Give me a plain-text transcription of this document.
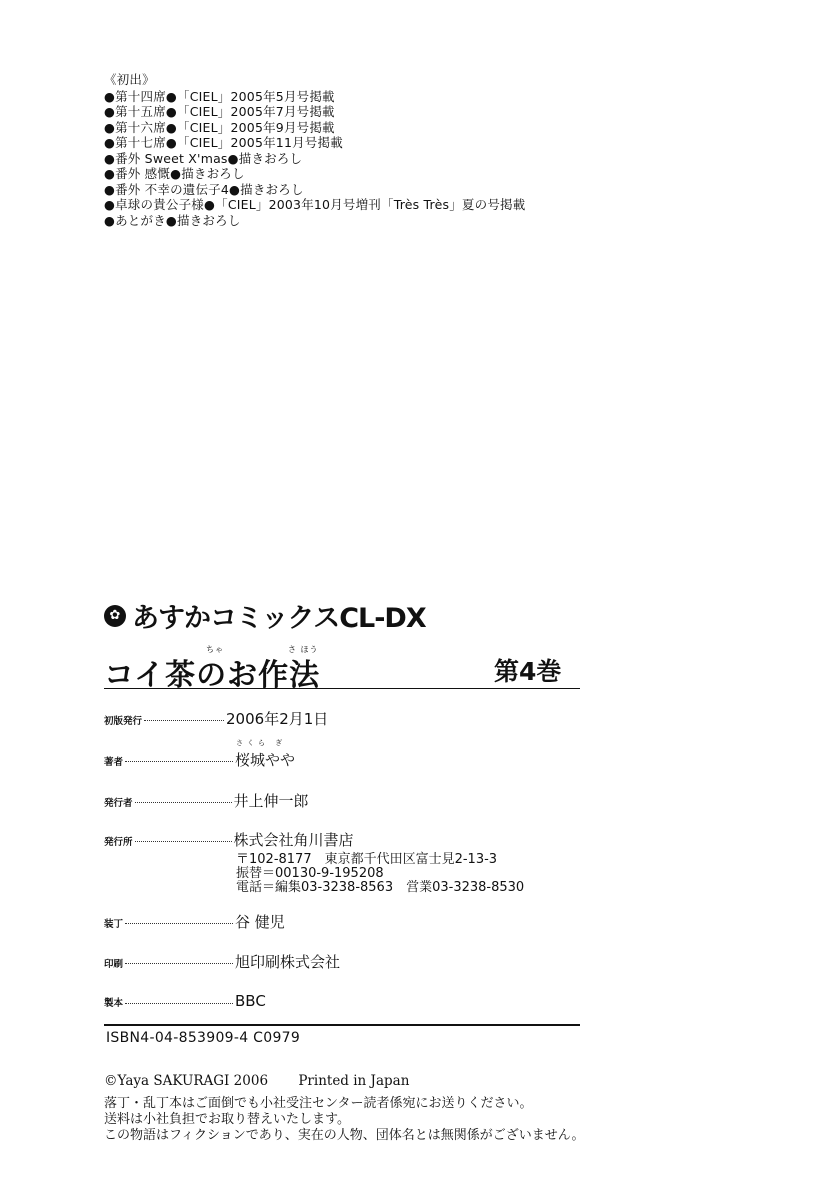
《初出》
●第十四席●「CIEL」2005年5月号掲載
●第十五席●「CIEL」2005年7月号掲載
●第十六席●「CIEL」2005年9月号掲載
●第十七席●「CIEL」2005年11月号掲載
●番外 Sweet X'mas●描きおろし
●番外 感慨●描きおろし
●番外 不幸の遺伝子4●描きおろし
●卓球の貴公子様●「CIEL」2003年10月号増刊「Très Très」夏の号掲載
●あとがき●描きおろし
✿ あすかコミックスCL-DX
ちゃ	さ ほう
コイ茶のお作法	第4巻
初版発行	2006年2月1日
さくら ぎ
著者	桜城やや
発行者	井上伸一郎
発行所	株式会社角川書店
〒102-8177　東京都千代田区富士見2-13-3
振替＝00130-9-195208
電話＝編集03-3238-8563　営業03-3238-8530
装丁	谷 健児
印刷	旭印刷株式会社
製本	BBC
ISBN4-04-853909-4 C0979
©Yaya SAKURAGI 2006 Printed in Japan
落丁・乱丁本はご面倒でも小社受注センター読者係宛にお送りください。
送料は小社負担でお取り替えいたします。
この物語はフィクションであり、実在の人物、団体名とは無関係がございません。
